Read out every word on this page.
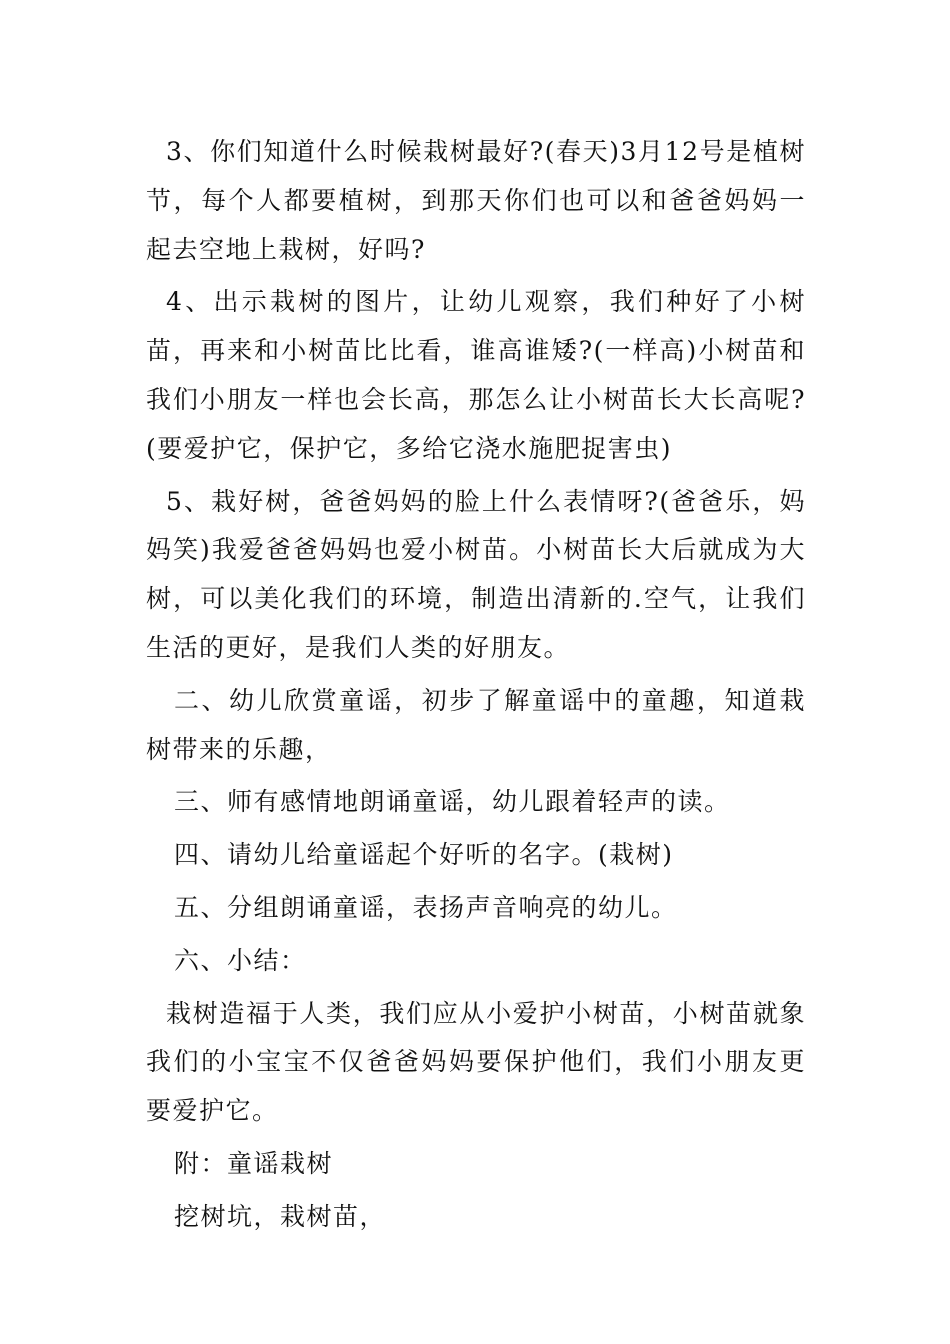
3、你们知道什么时候栽树最好?(春天)3月12号是植树节，每个人都要植树，到那天你们也可以和爸爸妈妈一起去空地上栽树，好吗?

4、出示栽树的图片，让幼儿观察，我们种好了小树苗，再来和小树苗比比看，谁高谁矮?(一样高)小树苗和我们小朋友一样也会长高，那怎么让小树苗长大长高呢?(要爱护它，保护它，多给它浇水施肥捉害虫)

5、栽好树，爸爸妈妈的脸上什么表情呀?(爸爸乐，妈妈笑)我爱爸爸妈妈也爱小树苗。小树苗长大后就成为大树，可以美化我们的环境，制造出清新的.空气，让我们生活的更好，是我们人类的好朋友。

二、幼儿欣赏童谣，初步了解童谣中的童趣，知道栽树带来的乐趣，

三、师有感情地朗诵童谣，幼儿跟着轻声的读。

四、请幼儿给童谣起个好听的名字。(栽树)

五、分组朗诵童谣，表扬声音响亮的幼儿。

六、小结：

栽树造福于人类，我们应从小爱护小树苗，小树苗就象我们的小宝宝不仅爸爸妈妈要保护他们，我们小朋友更要爱护它。

附：童谣栽树

挖树坑，栽树苗，
